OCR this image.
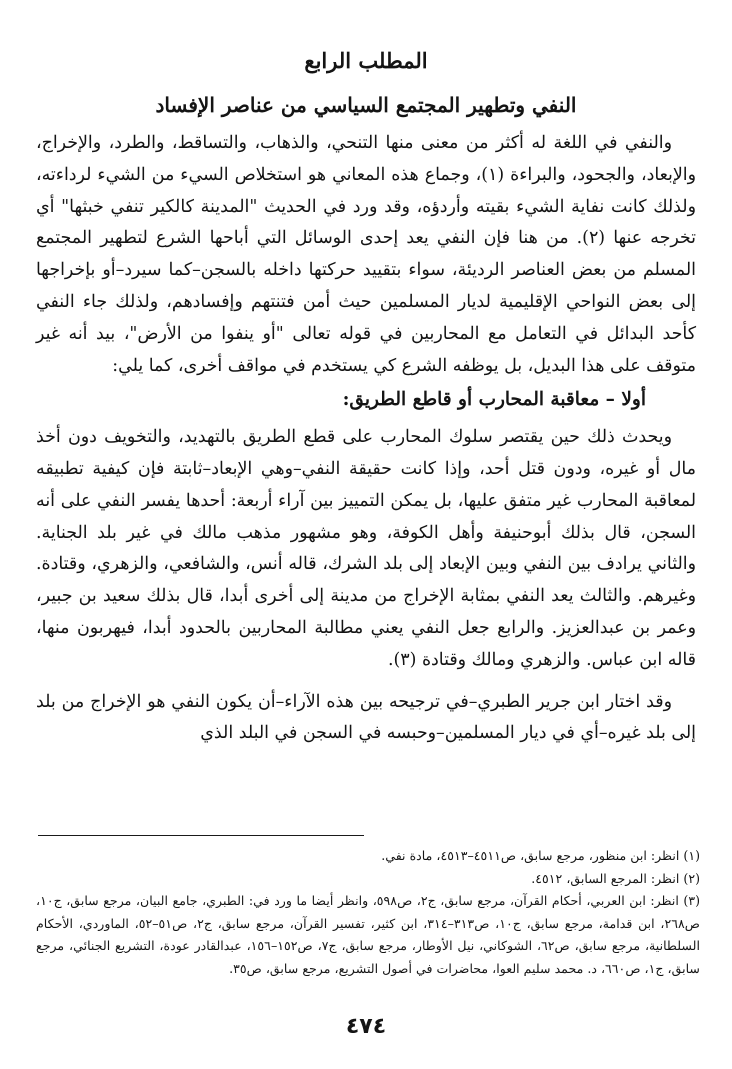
المطلب الرابع
النفي وتطهير المجتمع السياسي من عناصر الإفساد

والنفي في اللغة له أكثر من معنى منها التنحي، والذهاب، والتساقط، والطرد، والإخراج، والإبعاد، والجحود، والبراءة (١)، وجماع هذه المعاني هو استخلاص السيء من الشيء لرداءته، ولذلك كانت نفاية الشيء بقيته وأردؤه، وقد ورد في الحديث "المدينة كالكير تنفي خبثها" أي تخرجه عنها (٢). من هنا فإن النفي يعد إحدى الوسائل التي أباحها الشرع لتطهير المجتمع المسلم من بعض العناصر الرديئة، سواء بتقييد حركتها داخله بالسجن–كما سيرد–أو بإخراجها إلى بعض النواحي الإقليمية لديار المسلمين حيث أمن فتنتهم وإفسادهم، ولذلك جاء النفي كأحد البدائل في التعامل مع المحاربين في قوله تعالى "أو ينفوا من الأرض"، بيد أنه غير متوقف على هذا البديل، بل يوظفه الشرع كي يستخدم في مواقف أخرى، كما يلي:

أولا – معاقبة المحارب أو قاطع الطريق:

ويحدث ذلك حين يقتصر سلوك المحارب على قطع الطريق بالتهديد، والتخويف دون أخذ مال أو غيره، ودون قتل أحد، وإذا كانت حقيقة النفي–وهي الإبعاد–ثابتة فإن كيفية تطبيقه لمعاقبة المحارب غير متفق عليها، بل يمكن التمييز بين آراء أربعة: أحدها يفسر النفي على أنه السجن، قال بذلك أبوحنيفة وأهل الكوفة، وهو مشهور مذهب مالك في غير بلد الجناية. والثاني يرادف بين النفي وبين الإبعاد إلى بلد الشرك، قاله أنس، والشافعي، والزهري، وقتادة. وغيرهم. والثالث يعد النفي بمثابة الإخراج من مدينة إلى أخرى أبدا، قال بذلك سعيد بن جبير، وعمر بن عبدالعزيز. والرابع جعل النفي يعني مطالبة المحاربين بالحدود أبدا، فيهربون منها، قاله ابن عباس. والزهري ومالك وقتادة (٣).

وقد اختار ابن جرير الطبري–في ترجيحه بين هذه الآراء–أن يكون النفي هو الإخراج من بلد إلى بلد غيره–أي في ديار المسلمين–وحبسه في السجن في البلد الذي

(١) انظر: ابن منظور، مرجع سابق، ص٤٥١١–٤٥١٣، مادة نفي.
(٢) انظر: المرجع السابق، ٤٥١٢.
(٣) انظر: ابن العربي، أحكام القرآن، مرجع سابق، ج٢، ص٥٩٨، وانظر أيضا ما ورد في: الطبري، جامع البيان، مرجع سابق، ج١٠، ص٢٦٨، ابن قدامة، مرجع سابق، ج١٠، ص٣١٣–٣١٤، ابن كثير، تفسير القرآن، مرجع سابق، ج٢، ص٥١–٥٢، الماوردي، الأحكام السلطانية، مرجع سابق، ص٦٢، الشوكاني، نيل الأوطار، مرجع سابق، ج٧، ص١٥٢–١٥٦، عبدالقادر عودة، التشريع الجنائي، مرجع سابق، ج١، ص٦٦٠، د. محمد سليم العوا، محاضرات في أصول التشريع، مرجع سابق، ص٣٥.
٤٧٤
